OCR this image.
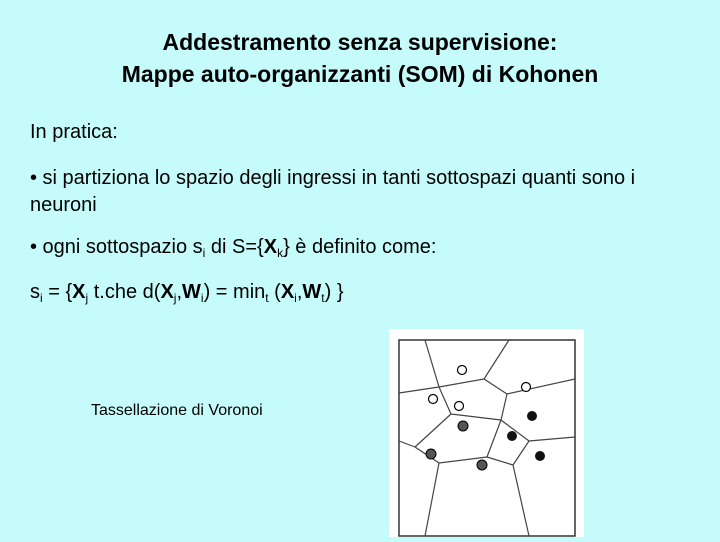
Addestramento senza supervisione:
Mappe auto-organizzanti (SOM) di Kohonen
In pratica:
• si partiziona lo spazio degli ingressi in tanti sottospazi quanti sono i neuroni
• ogni sottospazio $s_i$ di $S=\{X_k\}$ è definito come:
$s_i = \{X_j$ t.che $d(X_j,W_i) = \min_t (X_i,W_t)$ }
Tassellazione di Voronoi
